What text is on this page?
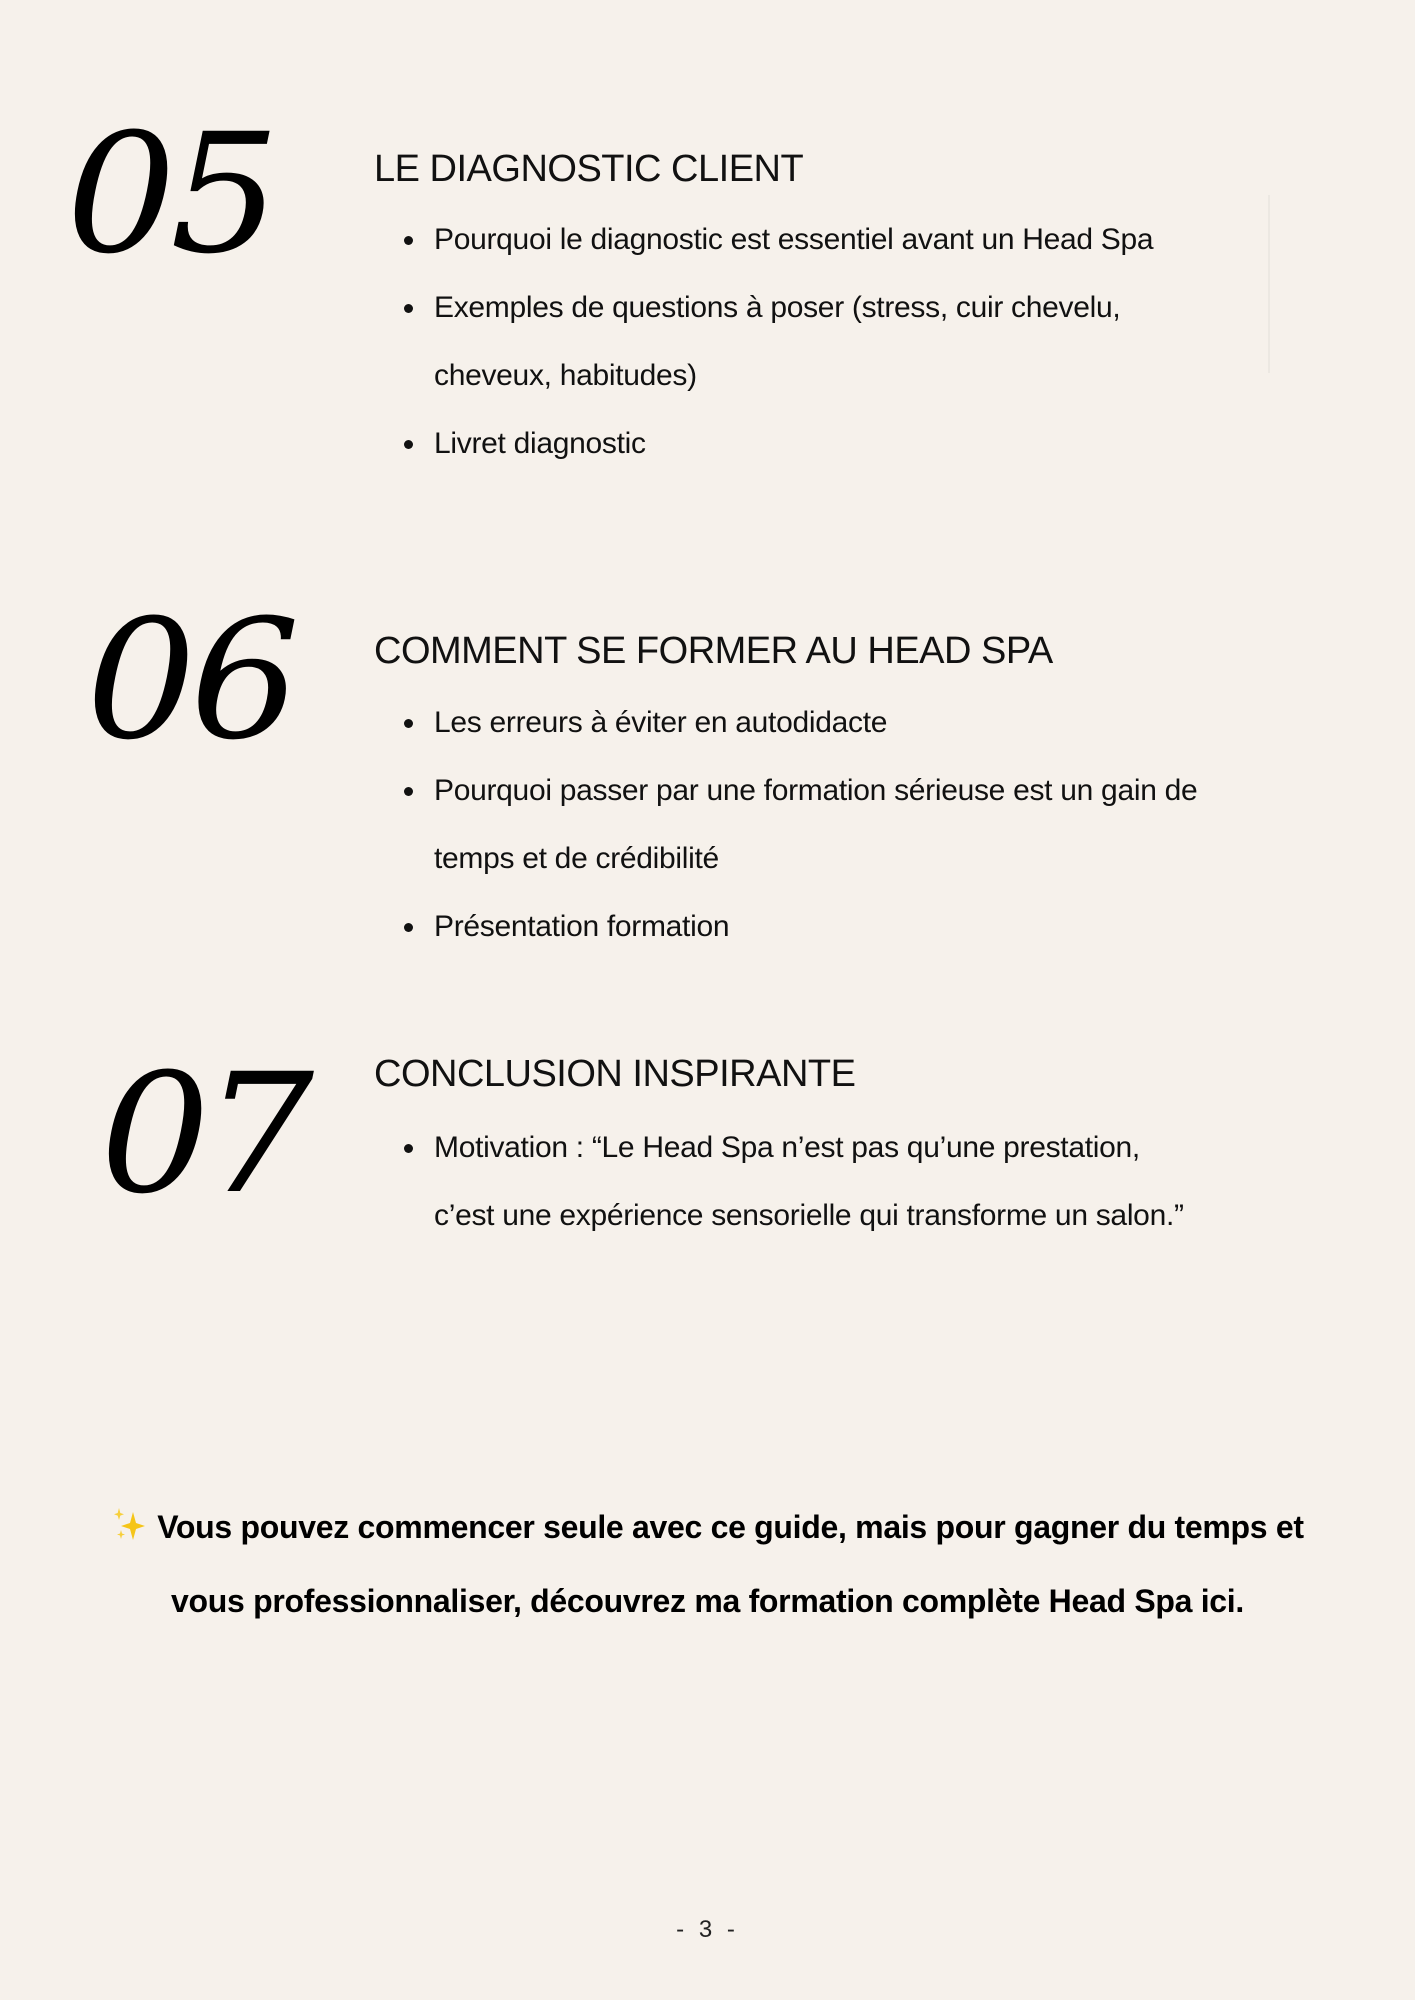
05	LE DIAGNOSTIC CLIENT
Pourquoi le diagnostic est essentiel avant un Head Spa
Exemples de questions à poser (stress, cuir chevelu,
cheveux, habitudes)
Livret diagnostic
06 COMMENT SE FORMER AU HEAD SPA
Les erreurs à éviter en autodidacte
Pourquoi passer par une formation sérieuse est un gain de
temps et de crédibilité
Présentation formation
07 CONCLUSION INSPIRANTE
Motivation : “Le Head Spa n’est pas qu’une prestation,
c’est une expérience sensorielle qui transforme un salon.”
Vous pouvez commencer seule avec ce guide, mais pour gagner du temps et
vous professionnaliser, découvrez ma formation complète Head Spa ici.
- 3 -
